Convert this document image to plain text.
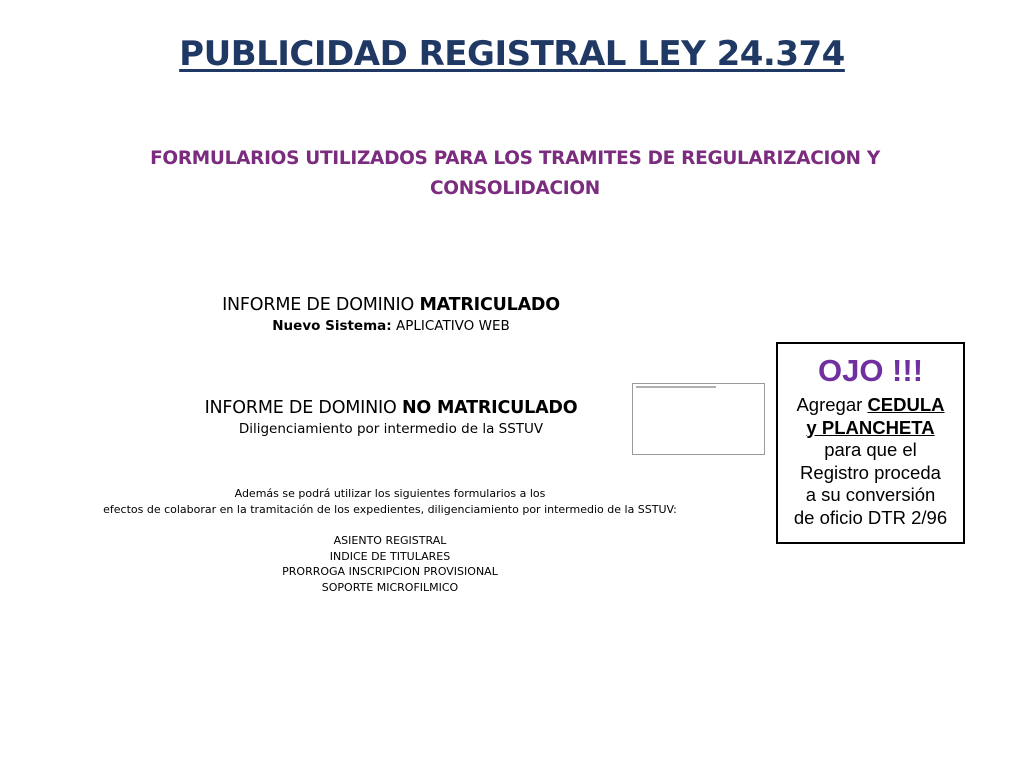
PUBLICIDAD REGISTRAL LEY 24.374
FORMULARIOS UTILIZADOS PARA LOS TRAMITES DE REGULARIZACION Y CONSOLIDACION
INFORME DE DOMINIO MATRICULADO
Nuevo Sistema: APLICATIVO WEB
INFORME DE DOMINIO NO MATRICULADO
Diligenciamiento por intermedio de la SSTUV
Además se podrá utilizar los siguientes formularios a los
efectos de colaborar en la tramitación de los expedientes, diligenciamiento por intermedio de la SSTUV:
ASIENTO REGISTRAL
INDICE DE TITULARES
PRORROGA INSCRIPCION PROVISIONAL
SOPORTE MICROFILMICO
OJO !!!
Agregar CEDULA
y PLANCHETA
para que el
Registro proceda
a su conversión
de oficio DTR 2/96
